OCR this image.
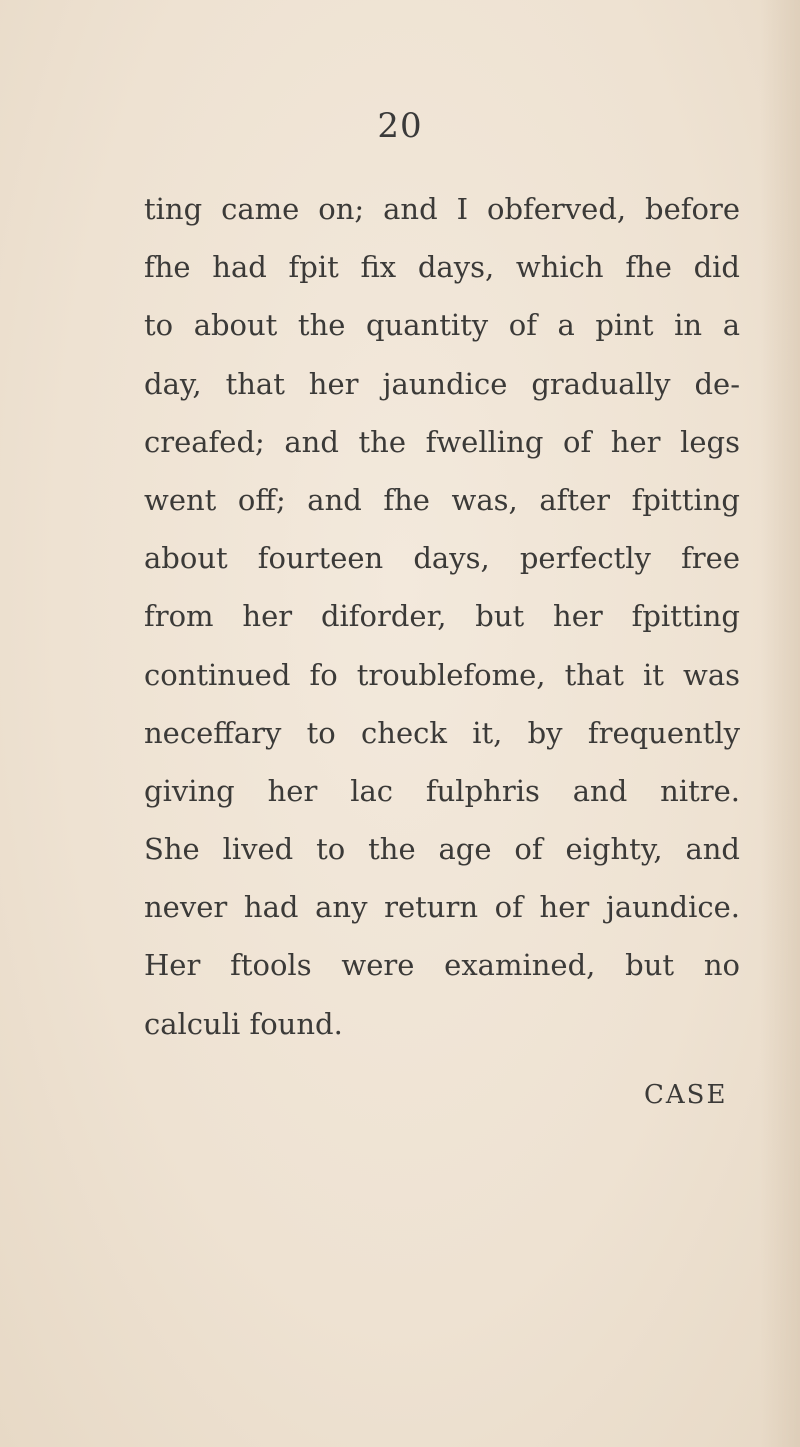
20
ting came on; and I obferved, before
fhe had fpit fix days, which fhe did
to about the quantity of a pint in a
day, that her jaundice gradually de-
creafed; and the fwelling of her legs
went off; and fhe was, after fpitting
about fourteen days, perfectly free
from her diforder, but her fpitting
continued fo troublefome, that it was
neceffary to check it, by frequently
giving her lac fulphris and nitre.
She lived to the age of eighty, and
never had any return of her jaundice.
Her ftools were examined, but no
calculi found.
CASE
